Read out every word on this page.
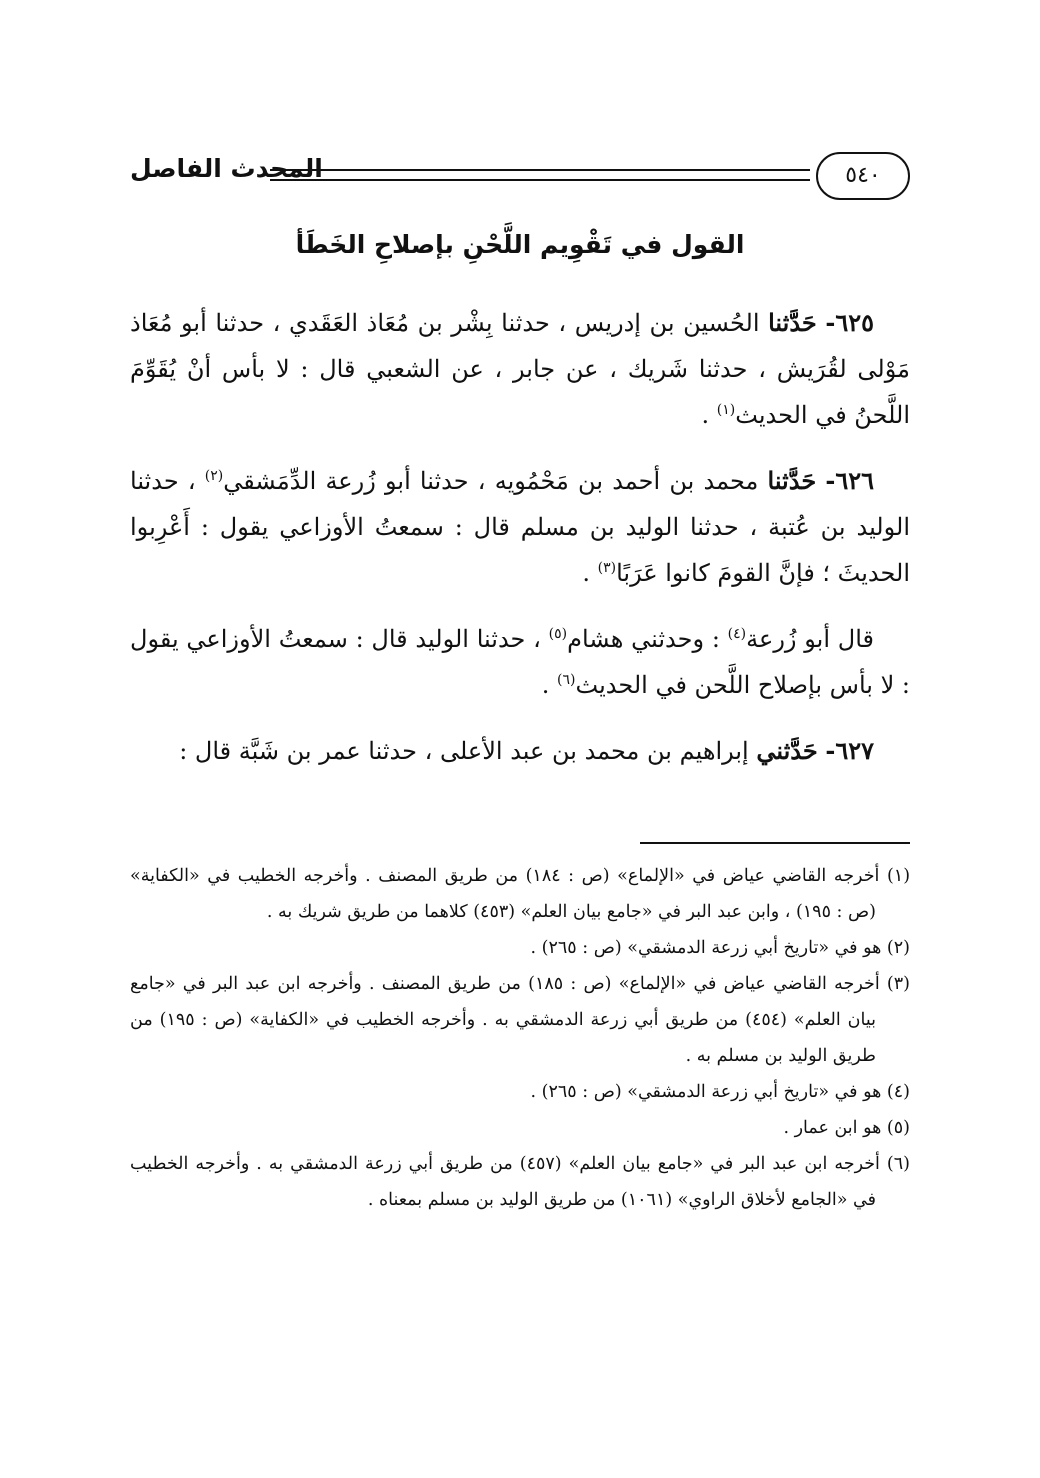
المحدث الفاصل	٥٤٠
القول في تَقْوِيم اللَّحْنِ بإصلاحِ الخَطَأ

٦٢٥- حَدَّثنا الحُسين بن إدريس ، حدثنا بِشْر بن مُعَاذ العَقَدي ، حدثنا أبو مُعَاذ مَوْلى لقُرَيش ، حدثنا شَريك ، عن جابر ، عن الشعبي قال : لا بأس أنْ يُقَوِّمَ اللَّحنُ في الحديث$^{(١)}$ .

٦٢٦- حَدَّثنا محمد بن أحمد بن مَحْمُويه ، حدثنا أبو زُرعة الدِّمَشقي$^{(٢)}$ ، حدثنا الوليد بن عُتبة ، حدثنا الوليد بن مسلم قال : سمعتُ الأوزاعي يقول : أَعْرِبوا الحديثَ ؛ فإنَّ القومَ كانوا عَرَبًا$^{(٣)}$ .

قال أبو زُرعة$^{(٤)}$ : وحدثني هشام$^{(٥)}$ ، حدثنا الوليد قال : سمعتُ الأوزاعي يقول : لا بأس بإصلاح اللَّحن في الحديث$^{(٦)}$ .

٦٢٧- حَدَّثني إبراهيم بن محمد بن عبد الأعلى ، حدثنا عمر بن شَبَّة قال :

(١) أخرجه القاضي عياض في «الإلماع» (ص : ١٨٤) من طريق المصنف . وأخرجه الخطيب في «الكفاية» (ص : ١٩٥) ، وابن عبد البر في «جامع بيان العلم» (٤٥٣) كلاهما من طريق شريك به .
(٢) هو في «تاريخ أبي زرعة الدمشقي» (ص : ٢٦٥) .
(٣) أخرجه القاضي عياض في «الإلماع» (ص : ١٨٥) من طريق المصنف . وأخرجه ابن عبد البر في «جامع بيان العلم» (٤٥٤) من طريق أبي زرعة الدمشقي به . وأخرجه الخطيب في «الكفاية» (ص : ١٩٥) من طريق الوليد بن مسلم به .
(٤) هو في «تاريخ أبي زرعة الدمشقي» (ص : ٢٦٥) .
(٥) هو ابن عمار .
(٦) أخرجه ابن عبد البر في «جامع بيان العلم» (٤٥٧) من طريق أبي زرعة الدمشقي به . وأخرجه الخطيب في «الجامع لأخلاق الراوي» (١٠٦١) من طريق الوليد بن مسلم بمعناه .
